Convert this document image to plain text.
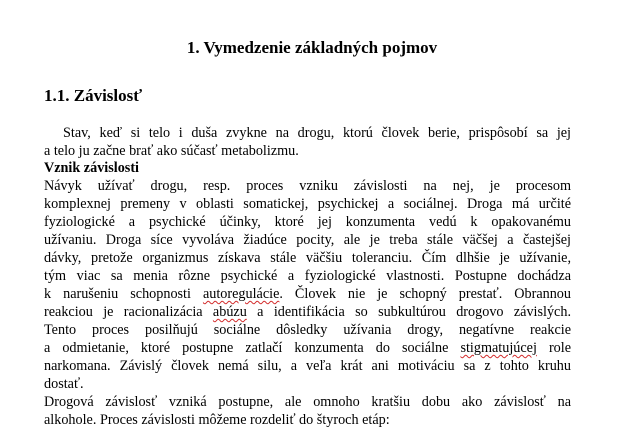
1. Vymedzenie základných pojmov
1.1. Závislosť
Stav, keď si telo i duša zvykne na drogu, ktorú človek berie, prispôsobí sa jej
a telo ju začne brať ako súčasť metabolizmu.
Vznik závislosti
Návyk užívať drogu, resp. proces vzniku závislosti na nej, je procesom
komplexnej premeny v oblasti somatickej, psychickej a sociálnej. Droga má určité
fyziologické a psychické účinky, ktoré jej konzumenta vedú k opakovanému
užívaniu. Droga síce vyvoláva žiadúce pocity, ale je treba stále väčšej a častejšej
dávky, pretože organizmus získava stále väčšiu toleranciu. Čím dlhšie je užívanie,
tým viac sa menia rôzne psychické a fyziologické vlastnosti. Postupne dochádza
k narušeniu schopnosti autoregulácie. Človek nie je schopný prestať. Obrannou
reakciou je racionalizácia abúzu a identifikácia so subkultúrou drogovo závislých.
Tento proces posilňujú sociálne dôsledky užívania drogy, negatívne reakcie
a odmietanie, ktoré postupne zatlačí konzumenta do sociálne stigmatujúcej role
narkomana. Závislý človek nemá silu, a veľa krát ani motiváciu sa z tohto kruhu
dostať.
Drogová závislosť vzniká postupne, ale omnoho kratšiu dobu ako závislosť na
alkohole. Proces závislosti môžeme rozdeliť do štyroch etáp:
